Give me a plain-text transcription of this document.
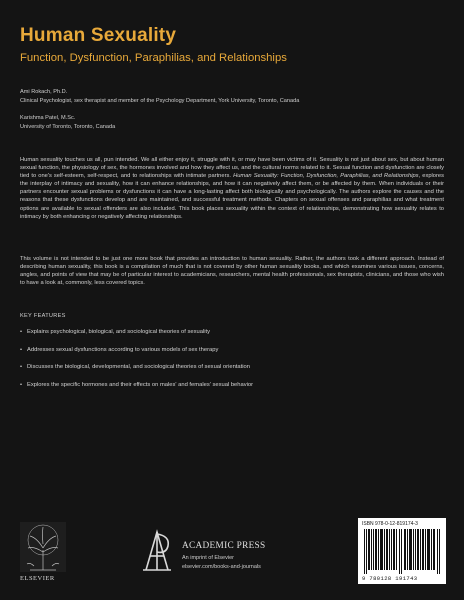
Human Sexuality
Function, Dysfunction, Paraphilias, and Relationships
Ami Rokach, Ph.D.
Clinical Psychologist, sex therapist and member of the Psychology Department, York University, Toronto, Canada
Karishma Patel, M.Sc.
University of Toronto, Toronto, Canada

Human sexuality touches us all, pun intended. We all either enjoy it, struggle with it, or may have been victims of it. Sexuality is not just about sex, but about human sexual function, the physiology of sex, the hormones involved and how they affect us, and the cultural norms related to it. Sexual function and dysfunction are closely tied to one's self-esteem, self-respect, and to relationships with intimate partners. Human Sexuality: Function, Dysfunction, Paraphilias, and Relationships, explores the interplay of intimacy and sexuality, how it can enhance relationships, and how it can negatively affect them, or be affected by them. When individuals or their partners encounter sexual problems or dysfunctions it can have a long-lasting affect both biologically and psychologically. The authors explore the causes and the reasons that these dysfunctions develop and are maintained, and successful treatment methods. Chapters on sexual offenses and paraphilias and what treatment options are available to sexual offenders are also included. This book places sexuality within the context of relationships, demonstrating how sexuality relates to intimacy by both enhancing or negatively affecting relationships.

This volume is not intended to be just one more book that provides an introduction to human sexuality. Rather, the authors took a different approach. Instead of describing human sexuality, this book is a compilation of much that is not covered by other human sexuality books, and which examines various issues, concerns, angles, and points of view that may be of particular interest to academicians, researchers, mental health professionals, sex therapists, clinicians, and those who wish to have a look at, commonly, less covered topics.

KEY FEATURES
• Explains psychological, biological, and sociological theories of sexuality
• Addresses sexual dysfunctions according to various models of sex therapy
• Discusses the biological, developmental, and sociological theories of sexual orientation
• Explores the specific hormones and their effects on males' and females' sexual behavior
ELSEVIER
ACADEMIC PRESS
An imprint of Elsevier
elsevier.com/books-and-journals
ISBN 978-0-12-819174-3
9 780128 191743
